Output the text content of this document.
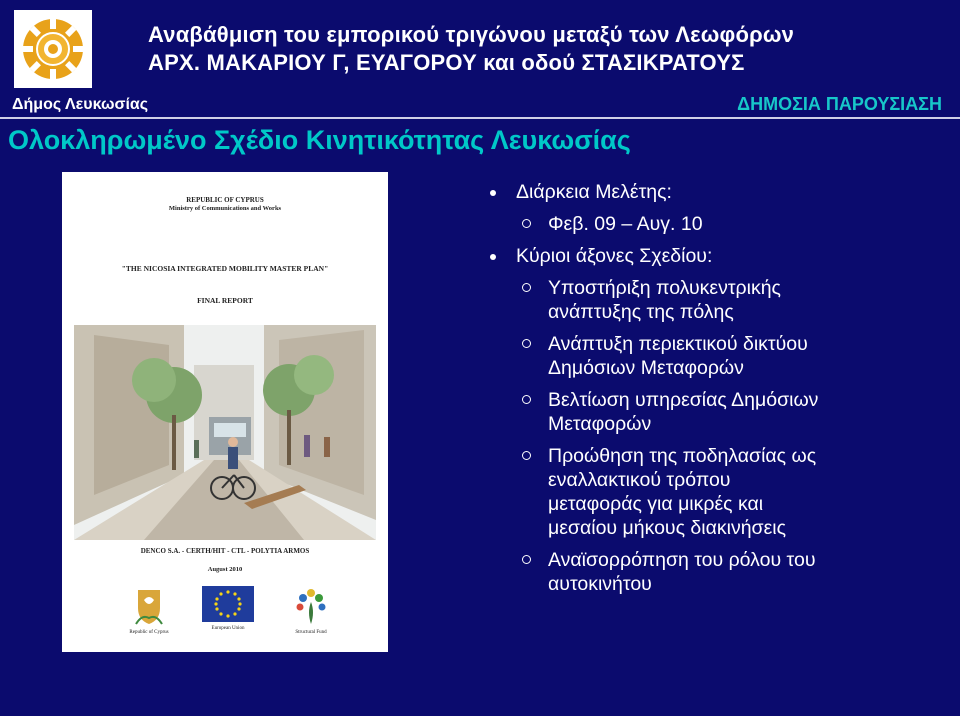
Δήμος Λευκωσίας
Αναβάθμιση του εμπορικού τριγώνου μεταξύ των Λεωφόρων
ΑΡΧ. ΜΑΚΑΡΙΟΥ Γ, ΕΥΑΓΟΡΟΥ και οδού ΣΤΑΣΙΚΡΑΤΟΥΣ
ΔΗΜΟΣΙΑ ΠΑΡΟΥΣΙΑΣΗ
Ολοκληρωμένο Σχέδιο Κινητικότητας Λευκωσίας
REPUBLIC OF CYPRUS
Ministry of Communications and Works
"THE NICOSIA INTEGRATED MOBILITY MASTER PLAN"
FINAL REPORT
DENCO S.A. - CERTH/HIT - CTL - POLYTIA ARMOS
August 2010
Republic of Cyprus
European Union
Structural Fund
Διάρκεια Μελέτης:
Φεβ. 09 – Αυγ. 10
Κύριοι άξονες Σχεδίου:
Υποστήριξη πολυκεντρικής
ανάπτυξης της πόλης
Ανάπτυξη περιεκτικού δικτύου
Δημόσιων Μεταφορών
Βελτίωση υπηρεσίας Δημόσιων
Μεταφορών
Προώθηση της ποδηλασίας ως
εναλλακτικού τρόπου
μεταφοράς για μικρές και
μεσαίου μήκους διακινήσεις
Αναϊσορρόπηση του ρόλου του
αυτοκινήτου
